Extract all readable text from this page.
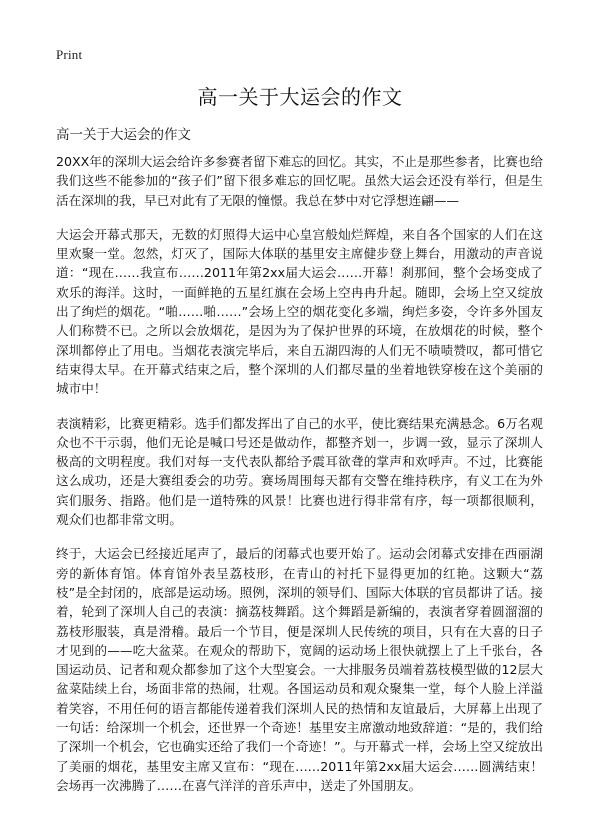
Print
高一关于大运会的作文

高一关于大运会的作文

20XX年的深圳大运会给许多参赛者留下难忘的回忆。其实，不止是那些参者，比赛也给我们这些不能参加的“孩子们”留下很多难忘的回忆呢。虽然大运会还没有举行，但是生活在深圳的我，早已对此有了无限的憧憬。我总在梦中对它浮想连翩——

大运会开幕式那天，无数的灯照得大运中心皇宫般灿烂辉煌，来自各个国家的人们在这里欢聚一堂。忽然，灯灭了，国际大体联的基里安主席健步登上舞台，用激动的声音说道：“现在……我宣布……2011年第2xx届大运会……开幕！刹那间，整个会场变成了欢乐的海洋。这时，一面鲜艳的五星红旗在会场上空冉冉升起。随即，会场上空又绽放出了绚烂的烟花。“啪……啪……”会场上空的烟花变化多端，绚烂多姿，令许多外国友人们称赞不已。之所以会放烟花，是因为为了保护世界的环境，在放烟花的时候，整个深圳都停止了用电。当烟花表演完毕后，来自五湖四海的人们无不啧啧赞叹，都可惜它结束得太早。在开幕式结束之后，整个深圳的人们都尽量的坐着地铁穿梭在这个美丽的城市中！

表演精彩，比赛更精彩。选手们都发挥出了自己的水平，使比赛结果充满悬念。6万名观众也不干示弱，他们无论是喊口号还是做动作，都整齐划一，步调一致，显示了深圳人极高的文明程度。我们对每一支代表队都给予震耳欲聋的掌声和欢呼声。不过，比赛能这么成功，还是大赛组委会的功劳。赛场周围每天都有交警在维持秩序，有义工在为外宾们服务、指路。他们是一道特殊的风景！比赛也进行得非常有序，每一项都很顺利，观众们也都非常文明。

终于，大运会已经接近尾声了，最后的闭幕式也要开始了。运动会闭幕式安排在西丽湖旁的新体育馆。体育馆外表呈荔枝形，在青山的衬托下显得更加的红艳。这颗大“荔枝”是全封闭的，底部是运动场。照例，深圳的领导们、国际大体联的官员都讲了话。接着，轮到了深圳人自己的表演：摘荔枝舞蹈。这个舞蹈是新编的，表演者穿着圆溜溜的荔枝形服装，真是滑稽。最后一个节目，便是深圳人民传统的项目，只有在大喜的日子才见到的——吃大盆菜。在观众的帮助下，宽阔的运动场上很快就摆上了上千张台，各国运动员、记者和观众都参加了这个大型宴会。一大排服务员端着荔枝模型做的12层大盆菜陆续上台，场面非常的热闹，壮观。各国运动员和观众聚集一堂，每个人脸上洋溢着笑容，不用任何的语言都能传递着我们深圳人民的热情和友谊最后，大屏幕上出现了一句话：给深圳一个机会，还世界一个奇迹！基里安主席激动地致辞道：“是的，我们给了深圳一个机会，它也确实还给了我们一个奇迹！”。与开幕式一样，会场上空又绽放出了美丽的烟花，基里安主席又宣布：“现在……2011年第2xx届大运会……圆满结束！会场再一次沸腾了……在喜气洋洋的音乐声中，送走了外国朋友。
